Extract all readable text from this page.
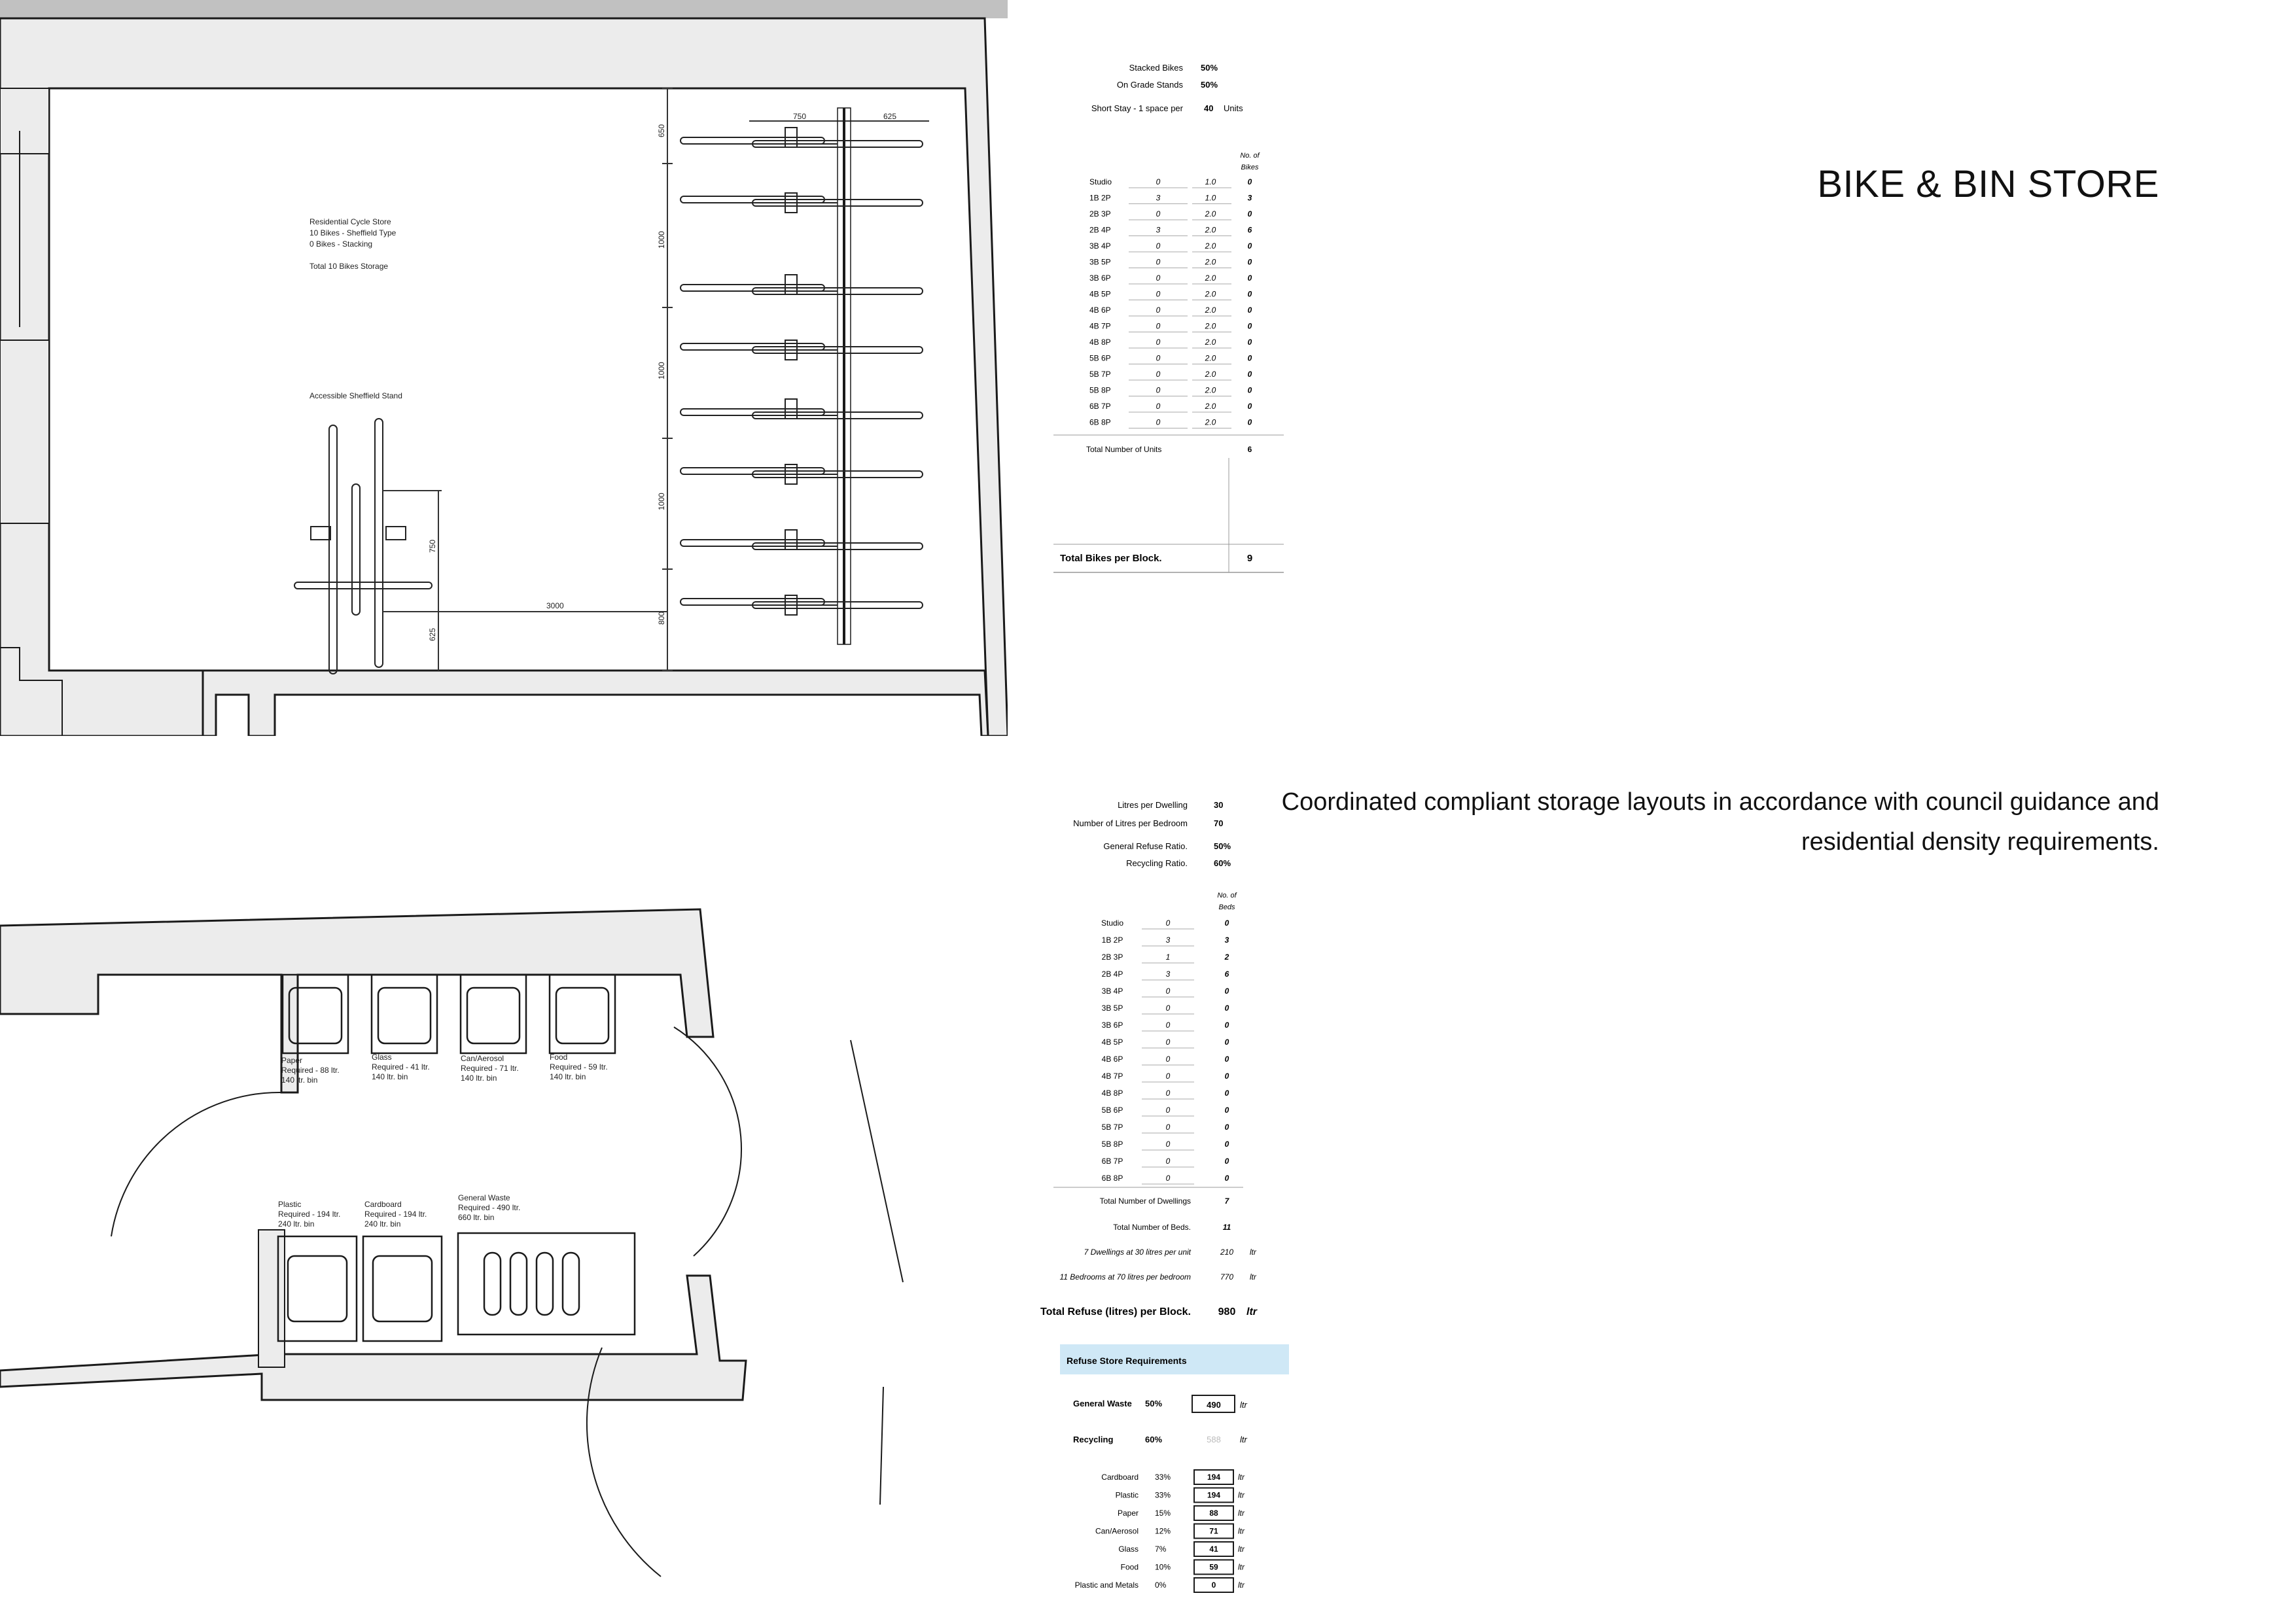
Residential Cycle Store
10 Bikes - Sheffield Type
0 Bikes - Stacking
Total 10 Bikes Storage
Accessible Sheffield Stand
650
1000
1000
1000
800
750	625
750
625
3000
Paper
Required - 88 ltr.
140 ltr. bin
Glass
Required - 41 ltr.
140 ltr. bin
Can/Aerosol
Required - 71 ltr.
140 ltr. bin
Food
Required - 59 ltr.
140 ltr. bin
Plastic
Required - 194 ltr.
240 ltr. bin
Cardboard
Required - 194 ltr.
240 ltr. bin
General Waste
Required - 490 ltr.
660 ltr. bin
Stacked Bikes 50%
On Grade Stands 50%
Short Stay - 1 space per 40 Units
No. of
Bikes
Studio	0	1.0	0
1B 2P	3	1.0	3
2B 3P	0	2.0	0
2B 4P	3	2.0	6
3B 4P	0	2.0	0
3B 5P	0	2.0	0
3B 6P	0	2.0	0
4B 5P	0	2.0	0
4B 6P	0	2.0	0
4B 7P	0	2.0	0
4B 8P	0	2.0	0
5B 6P	0	2.0	0
5B 7P	0	2.0	0
5B 8P	0	2.0	0
6B 7P	0	2.0	0
6B 8P	0	2.0	0
Total Number of Units	6
Total Bikes per Block.	9
Litres per Dwelling	30
Number of Litres per Bedroom	70
General Refuse Ratio.	50%
Recycling Ratio.	60%
No. of
Beds
Studio	0	0
1B 2P	3	3
2B 3P	1	2
2B 4P	3	6
3B 4P	0	0
3B 5P	0	0
3B 6P	0	0
4B 5P	0	0
4B 6P	0	0
4B 7P	0	0
4B 8P	0	0
5B 6P	0	0
5B 7P	0	0
5B 8P	0	0
6B 7P	0	0
6B 8P	0	0
Total Number of Dwellings	7
Total Number of Beds.	11
7 Dwellings at 30 litres per unit	210 ltr
11 Bedrooms at 70 litres per bedroom	770 ltr
Total Refuse (litres) per Block.	980 ltr
Refuse Store Requirements
General Waste 50%	490 ltr
Recycling	60%	588 ltr
Cardboard 33%	194 ltr
Plastic 33%	194 ltr
Paper 15%	88	ltr
Can/Aerosol 12%	71	ltr
Glass 7%	41	ltr
Food 10%	59	ltr
Plastic and Metals 0%	0	ltr
BIKE & BIN STORE
Coordinated compliant storage layouts in accordance with council guidance and residential density requirements.
